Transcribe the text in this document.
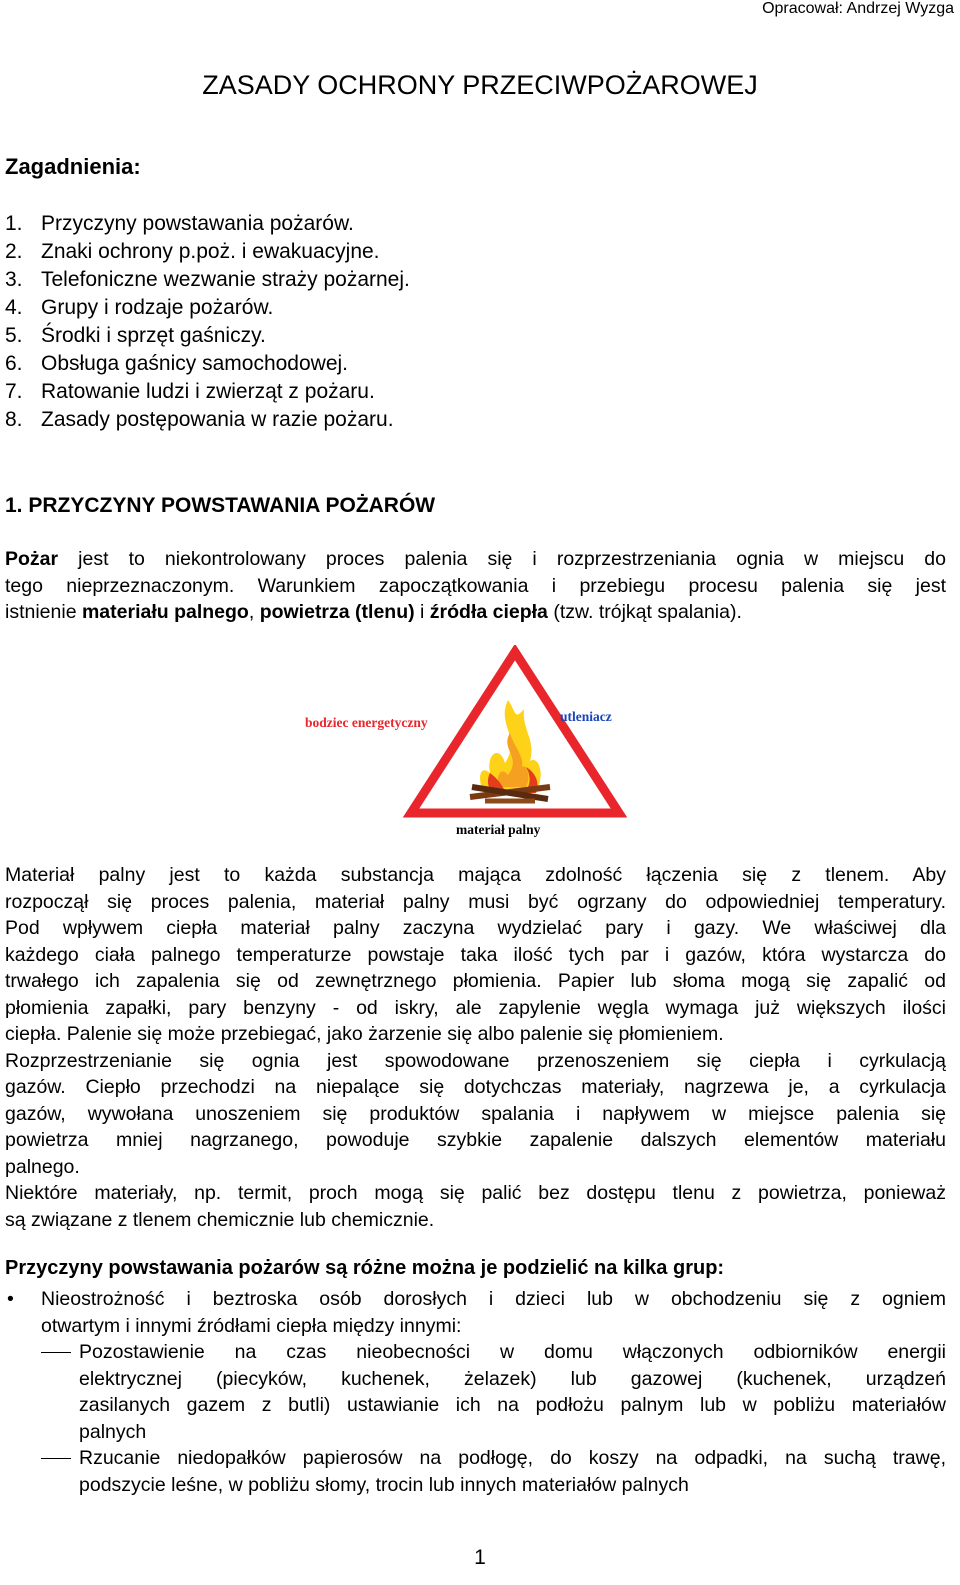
Opracował: Andrzej Wyzga
ZASADY OCHRONY PRZECIWPOŻAROWEJ
Zagadnienia:
1. Przyczyny powstawania pożarów.
2. Znaki ochrony p.poż. i ewakuacyjne.
3. Telefoniczne wezwanie straży pożarnej.
4. Grupy i rodzaje pożarów.
5. Środki i sprzęt gaśniczy.
6. Obsługa gaśnicy samochodowej.
7. Ratowanie ludzi i zwierząt z pożaru.
8. Zasady postępowania w razie pożaru.
1. PRZYCZYNY POWSTAWANIA POŻARÓW

Pożar jest to niekontrolowany proces palenia się i rozprzestrzeniania ognia w miejscu do
tego nieprzeznaczonym. Warunkiem zapoczątkowania i przebiegu procesu palenia się jest
istnienie materiału palnego, powietrza (tlenu) i źródła ciepła (tzw. trójkąt spalania).

bodziec energetyczny	utleniacz
materiał palny
Materiał palny jest to każda substancja mająca zdolność łączenia się z tlenem. Aby
rozpoczął się proces palenia, materiał palny musi być ogrzany do odpowiedniej temperatury.
Pod wpływem ciepła materiał palny zaczyna wydzielać pary i gazy. We właściwej dla
każdego ciała palnego temperaturze powstaje taka ilość tych par i gazów, która wystarcza do
trwałego ich zapalenia się od zewnętrznego płomienia. Papier lub słoma mogą się zapalić od
płomienia zapałki, pary benzyny - od iskry, ale zapylenie węgla wymaga już większych ilości
ciepła. Palenie się może przebiegać, jako żarzenie się albo palenie się płomieniem.
Rozprzestrzenianie się ognia jest spowodowane przenoszeniem się ciepła i cyrkulacją
gazów. Ciepło przechodzi na niepalące się dotychczas materiały, nagrzewa je, a cyrkulacja
gazów, wywołana unoszeniem się produktów spalania i napływem w miejsce palenia się
powietrza mniej nagrzanego, powoduje szybkie zapalenie dalszych elementów materiału
palnego.
Niektóre materiały, np. termit, proch mogą się palić bez dostępu tlenu z powietrza, ponieważ
są związane z tlenem chemicznie lub chemicznie.
Przyczyny powstawania pożarów są różne można je podzielić na kilka grup:
• Nieostrożność i beztroska osób dorosłych i dzieci lub w obchodzeniu się z ogniem
otwartym i innymi źródłami ciepła między innymi:
Pozostawienie na czas nieobecności w domu włączonych odbiorników energii
elektrycznej (piecyków, kuchenek, żelazek) lub gazowej (kuchenek, urządzeń
zasilanych gazem z butli) ustawianie ich na podłożu palnym lub w pobliżu materiałów
palnych
Rzucanie niedopałków papierosów na podłogę, do koszy na odpadki, na suchą trawę,
podszycie leśne, w pobliżu słomy, trocin lub innych materiałów palnych
1
